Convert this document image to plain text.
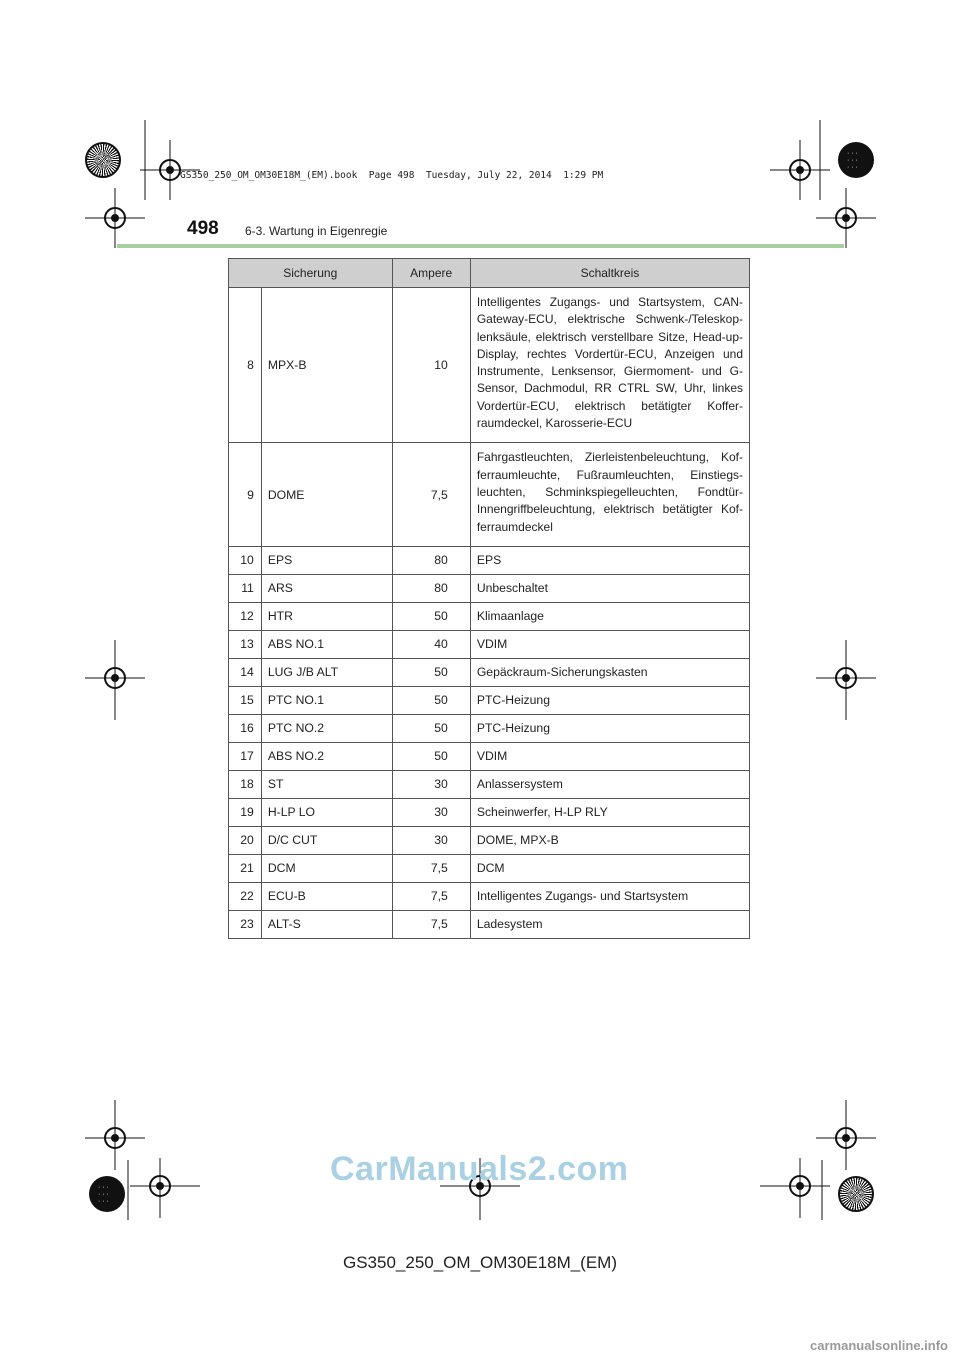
· · ·
· · ·
GS350_250_OM_OM30E18M_(EM).book  Page 498  Tuesday, July 22, 2014  1:29 PM
498 6-3. Wartung in Eigenregie
Sicherung		Ampere	Schaltkreis
8	MPX-B	10	Intelligentes Zugangs- und Startsystem, CAN-Gateway-ECU, elektrische Schwenk-/Teleskop-lenksäule, elektrisch verstellbare Sitze, Head-up-Display, rechtes Vordertür-ECU, Anzeigen und Instrumente, Lenksensor, Giermoment- und G-Sensor, Dachmodul, RR CTRL SW, Uhr, linkes Vordertür-ECU, elektrisch betätigter Koffer-raumdeckel, Karosserie-ECU
9	DOME	7,5	Fahrgastleuchten, Zierleistenbeleuchtung, Kof-ferraumleuchte, Fußraumleuchten, Einstiegs-leuchten, Schminkspiegelleuchten, Fondtür-Innengriffbeleuchtung, elektrisch betätigter Kof-ferraumdeckel
10	EPS	80	EPS
11	ARS	80	Unbeschaltet
12	HTR	50	Klimaanlage
13	ABS NO.1	40	VDIM
14	LUG J/B ALT	50	Gepäckraum-Sicherungskasten
15	PTC NO.1	50	PTC-Heizung
16	PTC NO.2	50	PTC-Heizung
17	ABS NO.2	50	VDIM
18	ST	30	Anlassersystem
19	H-LP LO	30	Scheinwerfer, H-LP RLY
20	D/C CUT	30	DOME, MPX-B
21	DCM	7,5	DCM
22	ECU-B	7,5	Intelligentes Zugangs- und Startsystem
23	ALT-S	7,5	Ladesystem
CarManuals2.com
GS350_250_OM_OM30E18M_(EM)
carmanualsonline.info
